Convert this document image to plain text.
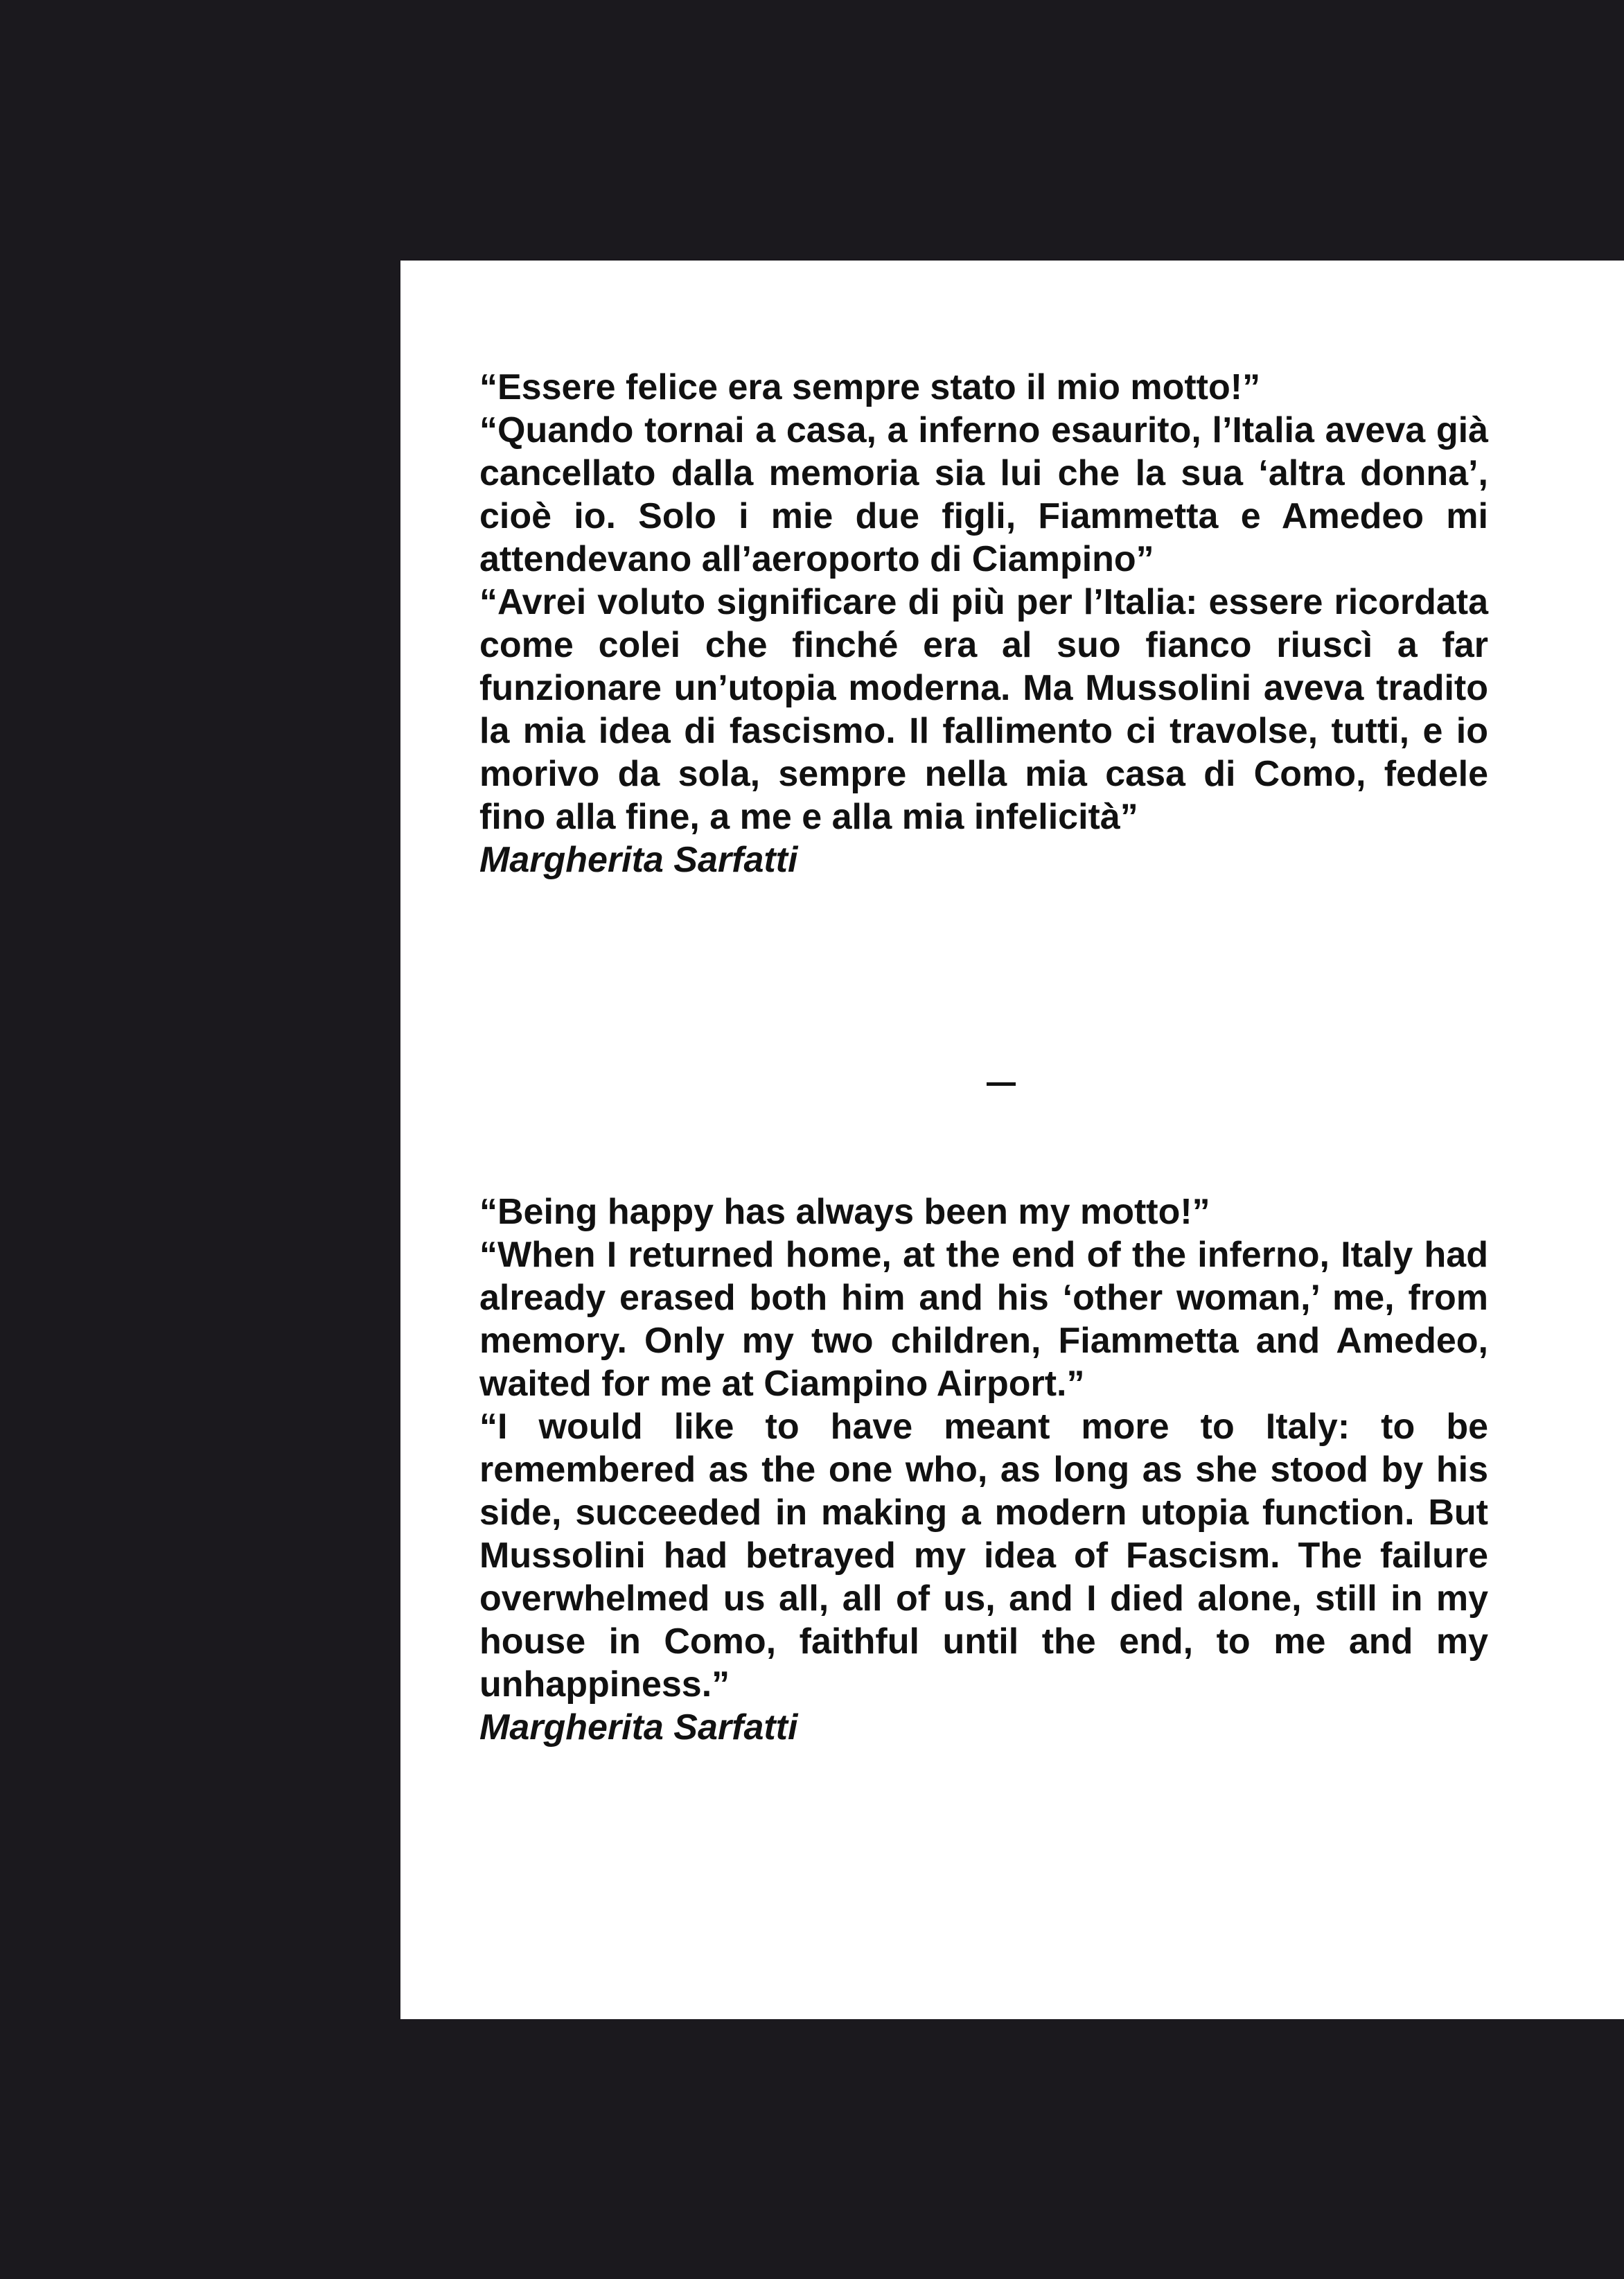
“Essere felice era sempre stato il mio motto!”

“Quando tornai a casa, a inferno esaurito, l’Italia aveva già cancellato dalla memoria sia lui che la sua ‘altra donna’, cioè io. Solo i mie due figli, Fiammetta e Amedeo mi attendevano all’aeroporto di Ciampino”

“Avrei voluto significare di più per l’Italia: essere ricordata come colei che finché era al suo fianco riuscì a far funzionare un’utopia moderna. Ma Mussolini aveva tradito la mia idea di fascismo. Il fallimento ci travolse, tutti, e io morivo da sola, sempre nella mia casa di Como, fedele fino alla fine, a me e alla mia infelicità”

Margherita Sarfatti

“Being happy has always been my motto!”

“When I returned home, at the end of the inferno, Italy had already erased both him and his ‘other woman,’ me, from memory. Only my two children, Fiammetta and Amedeo, waited for me at Ciampino Airport.”

“I would like to have meant more to Italy: to be remembered as the one who, as long as she stood by his side, succeeded in making a modern utopia function. But Mussolini had betrayed my idea of Fascism. The failure overwhelmed us all, all of us, and I died alone, still in my house in Como, faithful until the end, to me and my unhappiness.”

Margherita Sarfatti
